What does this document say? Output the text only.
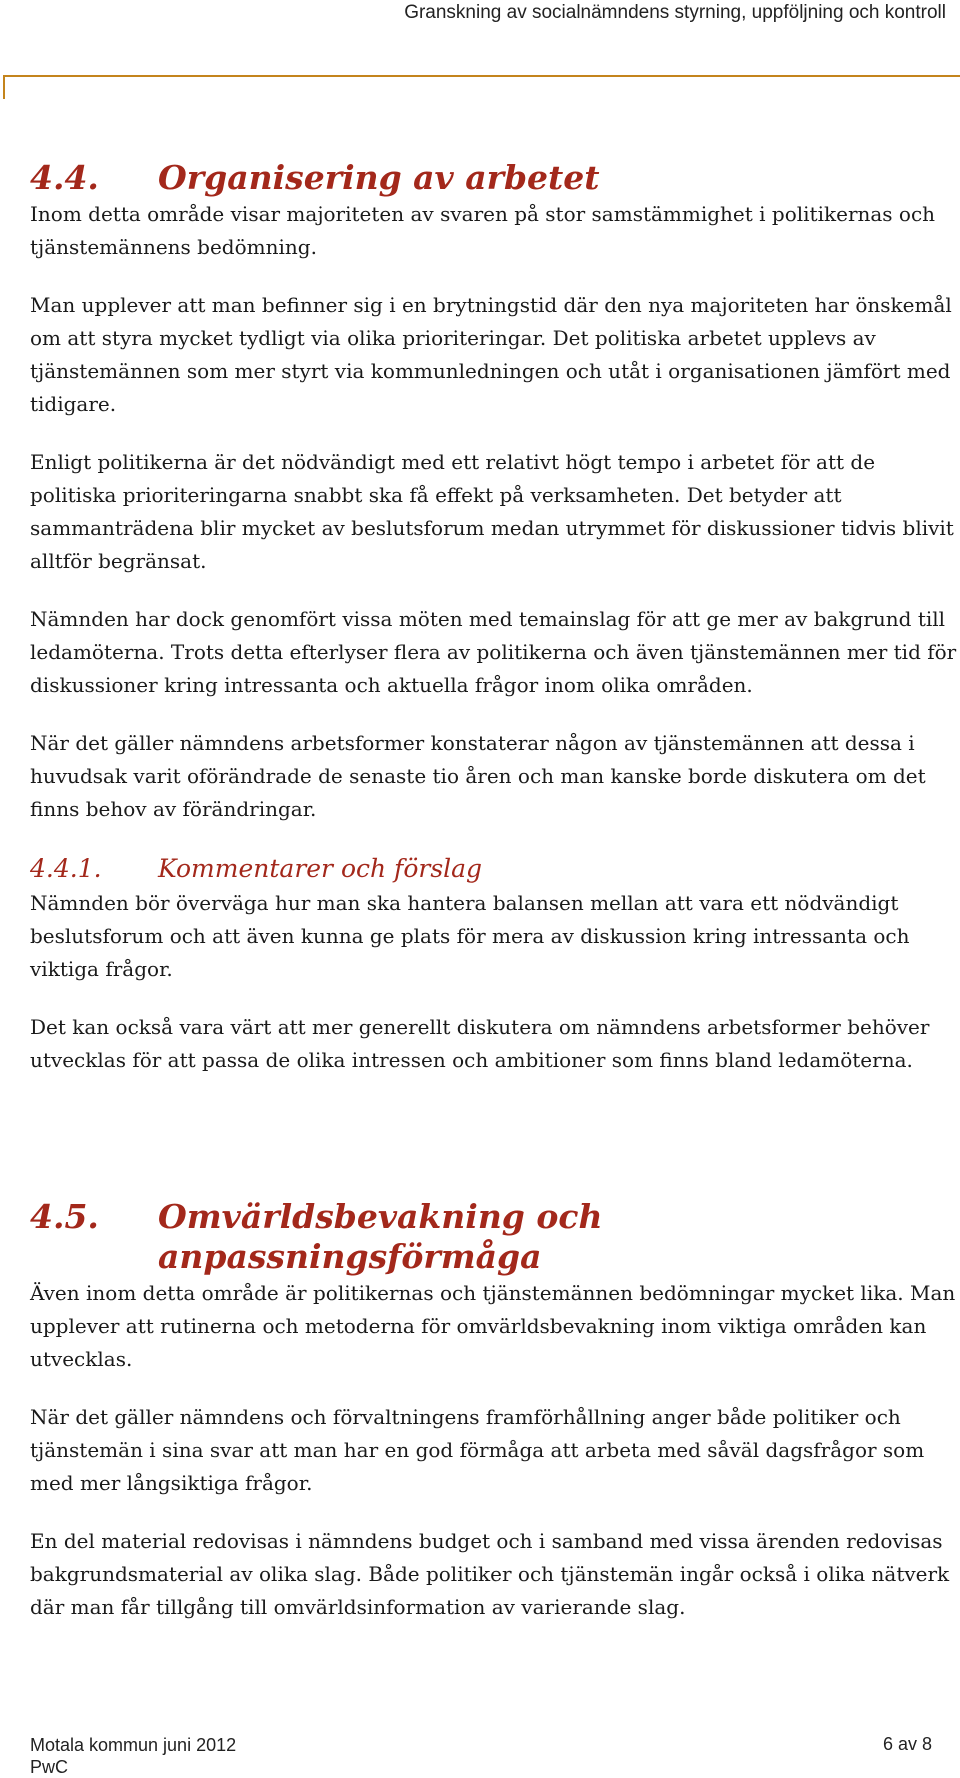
Granskning av socialnämndens styrning, uppföljning och kontroll
4.4.	Organisering av arbetet

Inom detta område visar majoriteten av svaren på stor samstämmighet i politikernas och tjänstemännens bedömning.

Man upplever att man befinner sig i en brytningstid där den nya majoriteten har önskemål om att styra mycket tydligt via olika prioriteringar. Det politiska arbetet upplevs av tjänstemännen som mer styrt via kommunledningen och utåt i organisationen jämfört med tidigare.

Enligt politikerna är det nödvändigt med ett relativt högt tempo i arbetet för att de politiska prioriteringarna snabbt ska få effekt på verksamheten. Det betyder att sammanträdena blir mycket av beslutsforum medan utrymmet för diskussioner tidvis blivit alltför begränsat.

Nämnden har dock genomfört vissa möten med temainslag för att ge mer av bakgrund till ledamöterna. Trots detta efterlyser flera av politikerna och även tjänstemännen mer tid för diskussioner kring intressanta och aktuella frågor inom olika områden.

När det gäller nämndens arbetsformer konstaterar någon av tjänstemännen att dessa i huvudsak varit oförändrade de senaste tio åren och man kanske borde diskutera om det finns behov av förändringar.

4.4.1.	Kommentarer och förslag

Nämnden bör överväga hur man ska hantera balansen mellan att vara ett nödvändigt beslutsforum och att även kunna ge plats för mera av diskussion kring intressanta och viktiga frågor.

Det kan också vara värt att mer generellt diskutera om nämndens arbetsformer behöver utvecklas för att passa de olika intressen och ambitioner som finns bland ledamöterna.

4.5.	Omvärldsbevakning och anpassningsförmåga

Även inom detta område är politikernas och tjänstemännen bedömningar mycket lika. Man upplever att rutinerna och metoderna för omvärldsbevakning inom viktiga områden kan utvecklas.

När det gäller nämndens och förvaltningens framförhållning anger både politiker och tjänstemän i sina svar att man har en god förmåga att arbeta med såväl dagsfrågor som med mer långsiktiga frågor.

En del material redovisas i nämndens budget och i samband med vissa ärenden redovisas bakgrundsmaterial av olika slag. Både politiker och tjänstemän ingår också i olika nätverk där man får tillgång till omvärldsinformation av varierande slag.

Motala kommun juni 2012
PwC
6 av 8
